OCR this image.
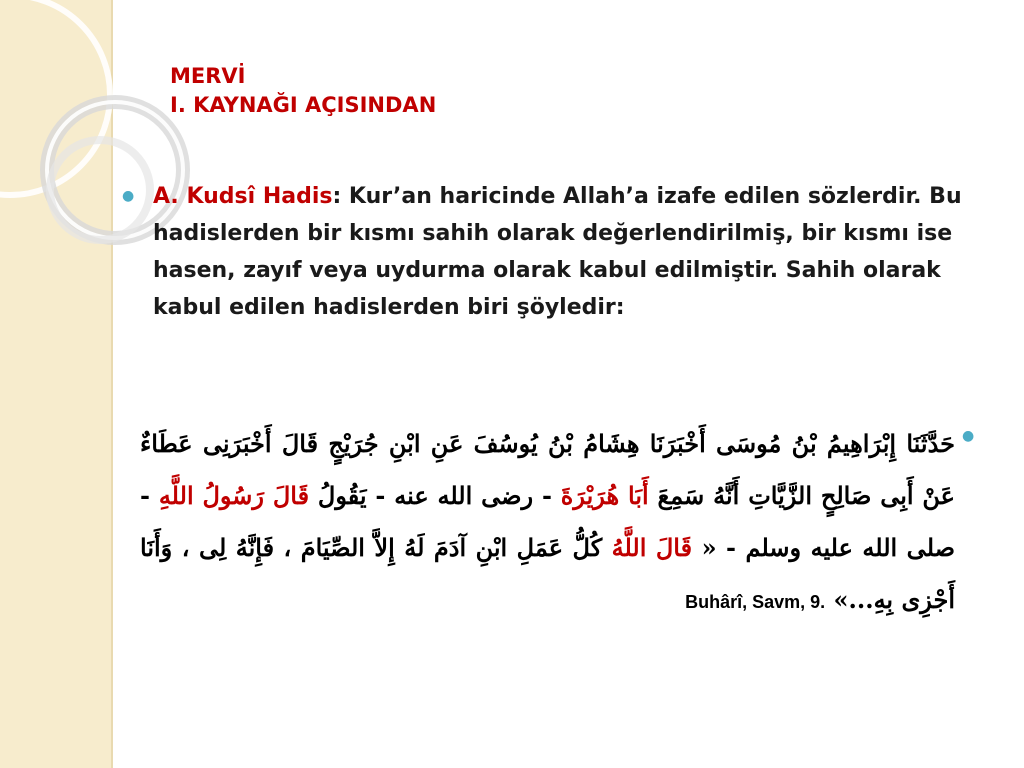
MERVİ
I. KAYNAĞI AÇISINDAN
● A. Kudsî Hadis: Kur’an haricinde Allah’a izafe edilen sözlerdir. Bu hadislerden bir kısmı sahih olarak değerlendirilmiş, bir kısmı ise hasen, zayıf veya uydurma olarak kabul edilmiştir. Sahih olarak kabul edilen hadislerden biri şöyledir:

●

حَدَّثَنَا إِبْرَاهِيمُ بْنُ مُوسَى أَخْبَرَنَا هِشَامُ بْنُ يُوسُفَ عَنِ ابْنِ جُرَيْجٍ قَالَ أَخْبَرَنِى عَطَاءٌ عَنْ أَبِى صَالِحٍ الزَّيَّاتِ أَنَّهُ سَمِعَ أَبَا هُرَيْرَةَ - رضى الله عنه - يَقُولُ قَالَ رَسُولُ اللَّهِ - صلى الله عليه وسلم - « قَالَ اللَّهُ كُلُّ عَمَلِ ابْنِ آدَمَ لَهُ إِلاَّ الصِّيَامَ ، فَإِنَّهُ لِى ، وَأَنَا أَجْزِى بِهِ...» Buhârî, Savm, 9.
